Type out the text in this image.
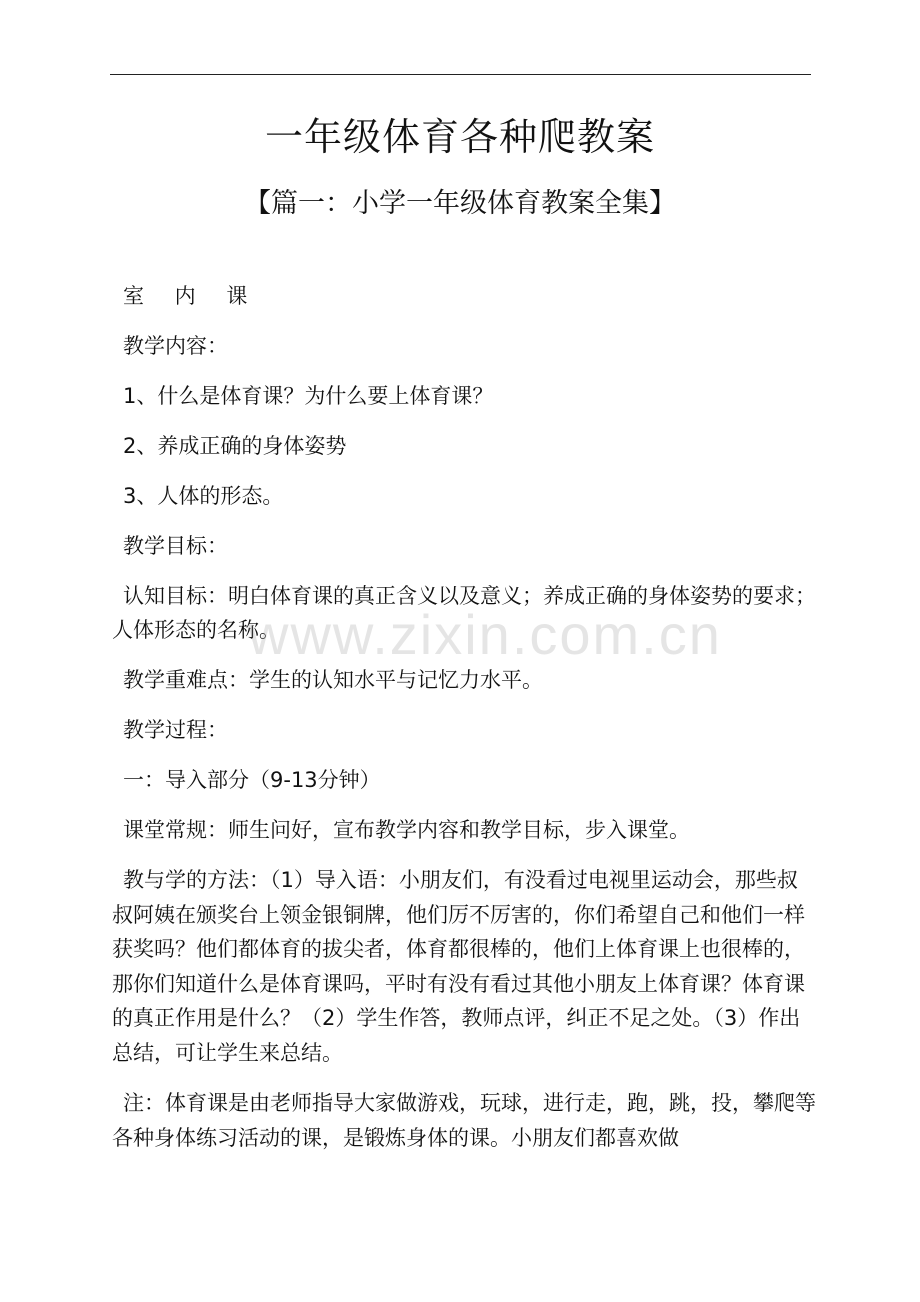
一年级体育各种爬教案
【篇一：小学一年级体育教案全集】

室 内 课

教学内容：

1、什么是体育课？为什么要上体育课？

2、养成正确的身体姿势

3、人体的形态。

教学目标：

认知目标：明白体育课的真正含义以及意义；养成正确的身体姿势的要求；人体形态的名称。

教学重难点：学生的认知水平与记忆力水平。

教学过程：

一：导入部分（9-13分钟）

课堂常规：师生问好，宣布教学内容和教学目标，步入课堂。

教与学的方法：（1）导入语：小朋友们，有没看过电视里运动会，那些叔叔阿姨在颁奖台上领金银铜牌，他们厉不厉害的，你们希望自己和他们一样获奖吗？他们都体育的拔尖者，体育都很棒的，他们上体育课上也很棒的，那你们知道什么是体育课吗，平时有没有看过其他小朋友上体育课？体育课的真正作用是什么？（2）学生作答，教师点评，纠正不足之处。（3）作出总结，可让学生来总结。

注：体育课是由老师指导大家做游戏，玩球，进行走，跑，跳，投，攀爬等各种身体练习活动的课，是锻炼身体的课。小朋友们都喜欢做

www.zixin.com.cn
